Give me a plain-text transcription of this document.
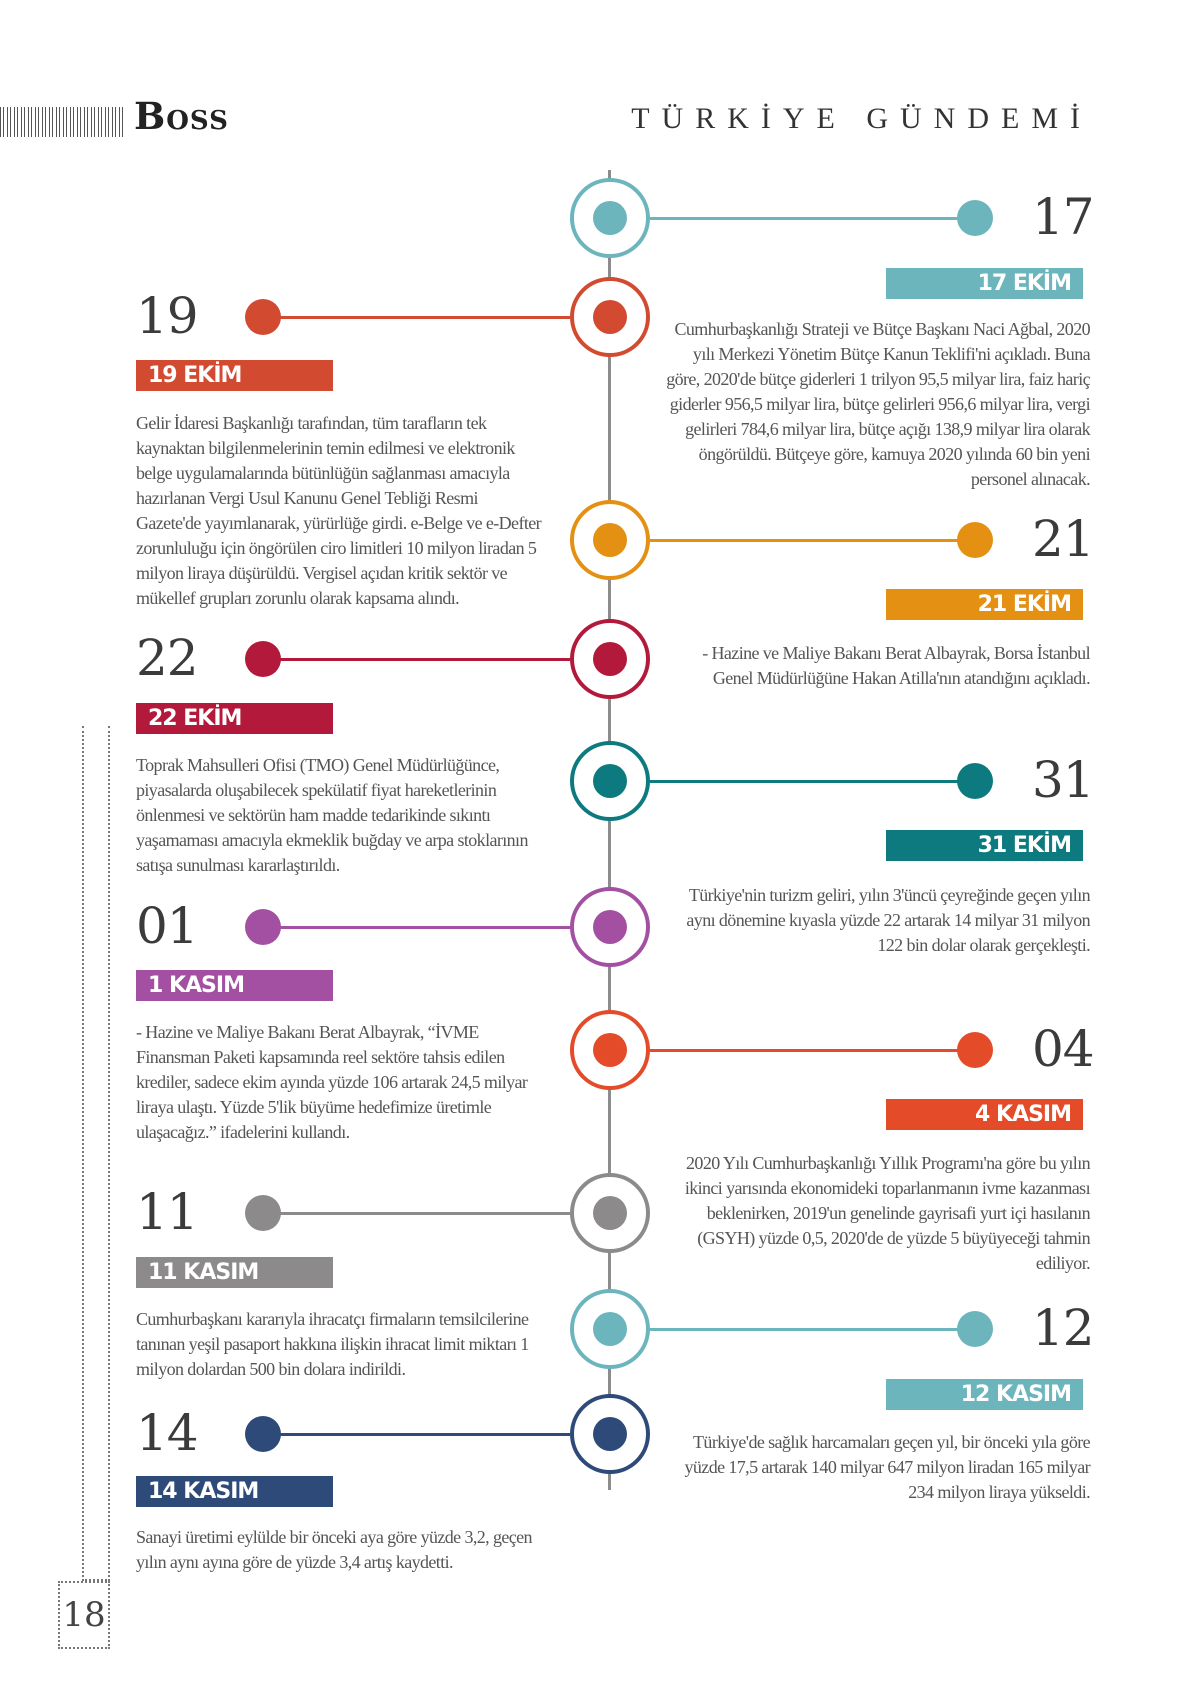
Boss	TÜRKİYE GÜNDEMİ
17
17 EKİM
Cumhurbaşkanlığı Strateji ve Bütçe Başkanı Naci Ağbal, 2020 yılı Merkezi Yönetim Bütçe Kanun Teklifi'ni açıkladı. Buna göre, 2020'de bütçe giderleri 1 trilyon 95,5 milyar lira, faiz hariç giderler 956,5 milyar lira, bütçe gelirleri 956,6 milyar lira, vergi gelirleri 784,6 milyar lira, bütçe açığı 138,9 milyar lira olarak öngörüldü. Bütçeye göre, kamuya 2020 yılında 60 bin yeni personel alınacak.
19
19 EKİM
Gelir İdaresi Başkanlığı tarafından, tüm tarafların tek kaynaktan bilgilenmelerinin temin edilmesi ve elektronik belge uygulamalarında bütünlüğün sağlanması amacıyla hazırlanan Vergi Usul Kanunu Genel Tebliği Resmi Gazete'de yayımlanarak, yürürlüğe girdi. e-Belge ve e-Defter zorunluluğu için öngörülen ciro limitleri 10 milyon liradan 5 milyon liraya düşürüldü. Vergisel açıdan kritik sektör ve mükellef grupları zorunlu olarak kapsama alındı.
21
21 EKİM
- Hazine ve Maliye Bakanı Berat Albayrak, Borsa İstanbul Genel Müdürlüğüne Hakan Atilla'nın atandığını açıkladı.
22
22 EKİM
Toprak Mahsulleri Ofisi (TMO) Genel Müdürlüğünce, piyasalarda oluşabilecek spekülatif fiyat hareketlerinin önlenmesi ve sektörün ham madde tedarikinde sıkıntı yaşamaması amacıyla ekmeklik buğday ve arpa stoklarının satışa sunulması kararlaştırıldı.
31
31 EKİM
Türkiye'nin turizm geliri, yılın 3'üncü çeyreğinde geçen yılın aynı dönemine kıyasla yüzde 22 artarak 14 milyar 31 milyon 122 bin dolar olarak gerçekleşti.
01
1 KASIM
- Hazine ve Maliye Bakanı Berat Albayrak, “İVME Finansman Paketi kapsamında reel sektöre tahsis edilen krediler, sadece ekim ayında yüzde 106 artarak 24,5 milyar liraya ulaştı. Yüzde 5'lik büyüme hedefimize üretimle ulaşacağız.” ifadelerini kullandı.
04
4 KASIM
2020 Yılı Cumhurbaşkanlığı Yıllık Programı'na göre bu yılın ikinci yarısında ekonomideki toparlanmanın ivme kazanması beklenirken, 2019'un genelinde gayrisafi yurt içi hasılanın (GSYH) yüzde 0,5, 2020'de de yüzde 5 büyüyeceği tahmin ediliyor.
11
11 KASIM
Cumhurbaşkanı kararıyla ihracatçı firmaların temsilcilerine tanınan yeşil pasaport hakkına ilişkin ihracat limit miktarı 1 milyon dolardan 500 bin dolara indirildi.
12
12 KASIM
Türkiye'de sağlık harcamaları geçen yıl, bir önceki yıla göre yüzde 17,5 artarak 140 milyar 647 milyon liradan 165 milyar 234 milyon liraya yükseldi.
14
14 KASIM
Sanayi üretimi eylülde bir önceki aya göre yüzde 3,2, geçen yılın aynı ayına göre de yüzde 3,4 artış kaydetti.
18
